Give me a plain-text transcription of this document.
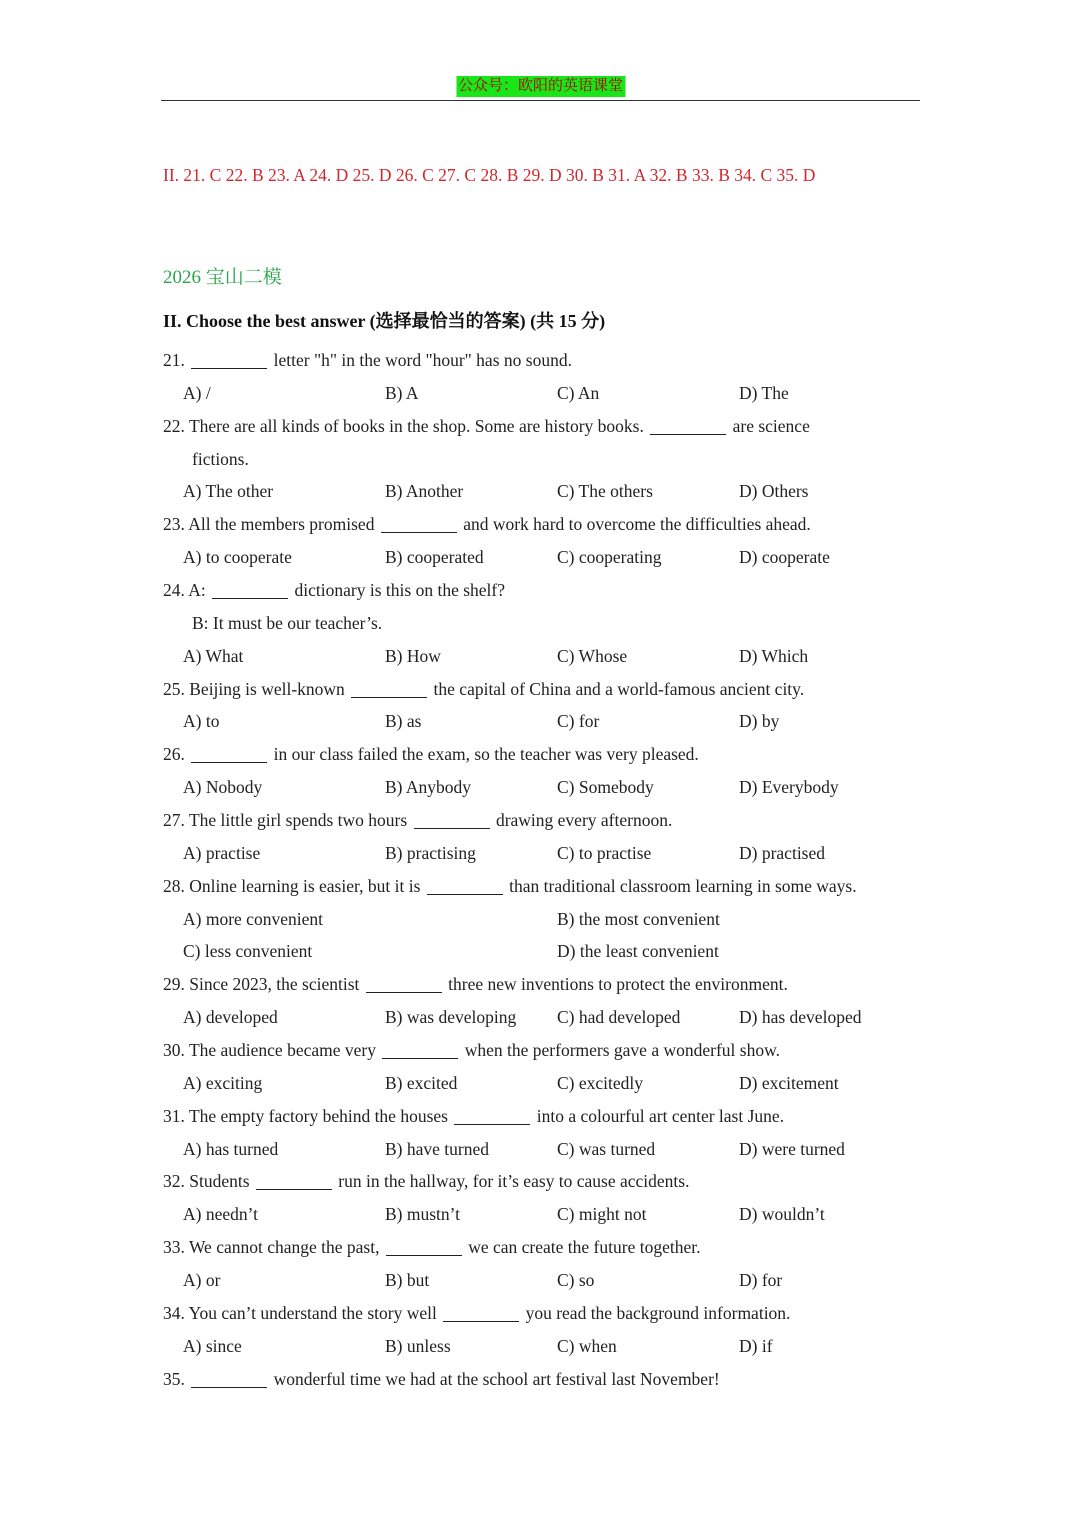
公众号：欧阳的英语课堂
II. 21. C 22. B 23. A 24. D 25. D 26. C 27. C 28. B 29. D 30. B 31. A 32. B 33. B 34. C 35. D
2026 宝山二模
II. Choose the best answer (选择最恰当的答案) (共 15 分)
21.	letter "h" in the word "hour" has no sound.
A) /	B) A	C) An	D) The
22. There are all kinds of books in the shop. Some are history books.	are science
fictions.
A) The other	B) Another	C) The others	D) Others
23. All the members promised	and work hard to overcome the difficulties ahead.
A) to cooperate	B) cooperated	C) cooperating	D) cooperate
24. A:	dictionary is this on the shelf?
B: It must be our teacher’s.
A) What	B) How	C) Whose	D) Which
25. Beijing is well-known	the capital of China and a world-famous ancient city.
A) to	B) as	C) for	D) by
26.	in our class failed the exam, so the teacher was very pleased.
A) Nobody	B) Anybody	C) Somebody	D) Everybody
27. The little girl spends two hours	drawing every afternoon.
A) practise	B) practising	C) to practise	D) practised
28. Online learning is easier, but it is	than traditional classroom learning in some ways.
A) more convenient	B) the most convenient
C) less convenient	D) the least convenient
29. Since 2023, the scientist	three new inventions to protect the environment.
A) developed	B) was developing C) had developed	D) has developed
30. The audience became very	when the performers gave a wonderful show.
A) exciting	B) excited	C) excitedly	D) excitement
31. The empty factory behind the houses	into a colourful art center last June.
A) has turned	B) have turned	C) was turned	D) were turned
32. Students	run in the hallway, for it’s easy to cause accidents.
A) needn’t	B) mustn’t	C) might not	D) wouldn’t
33. We cannot change the past,	we can create the future together.
A) or	B) but	C) so	D) for
34. You can’t understand the story well	you read the background information.
A) since	B) unless	C) when	D) if
35.	wonderful time we had at the school art festival last November!
